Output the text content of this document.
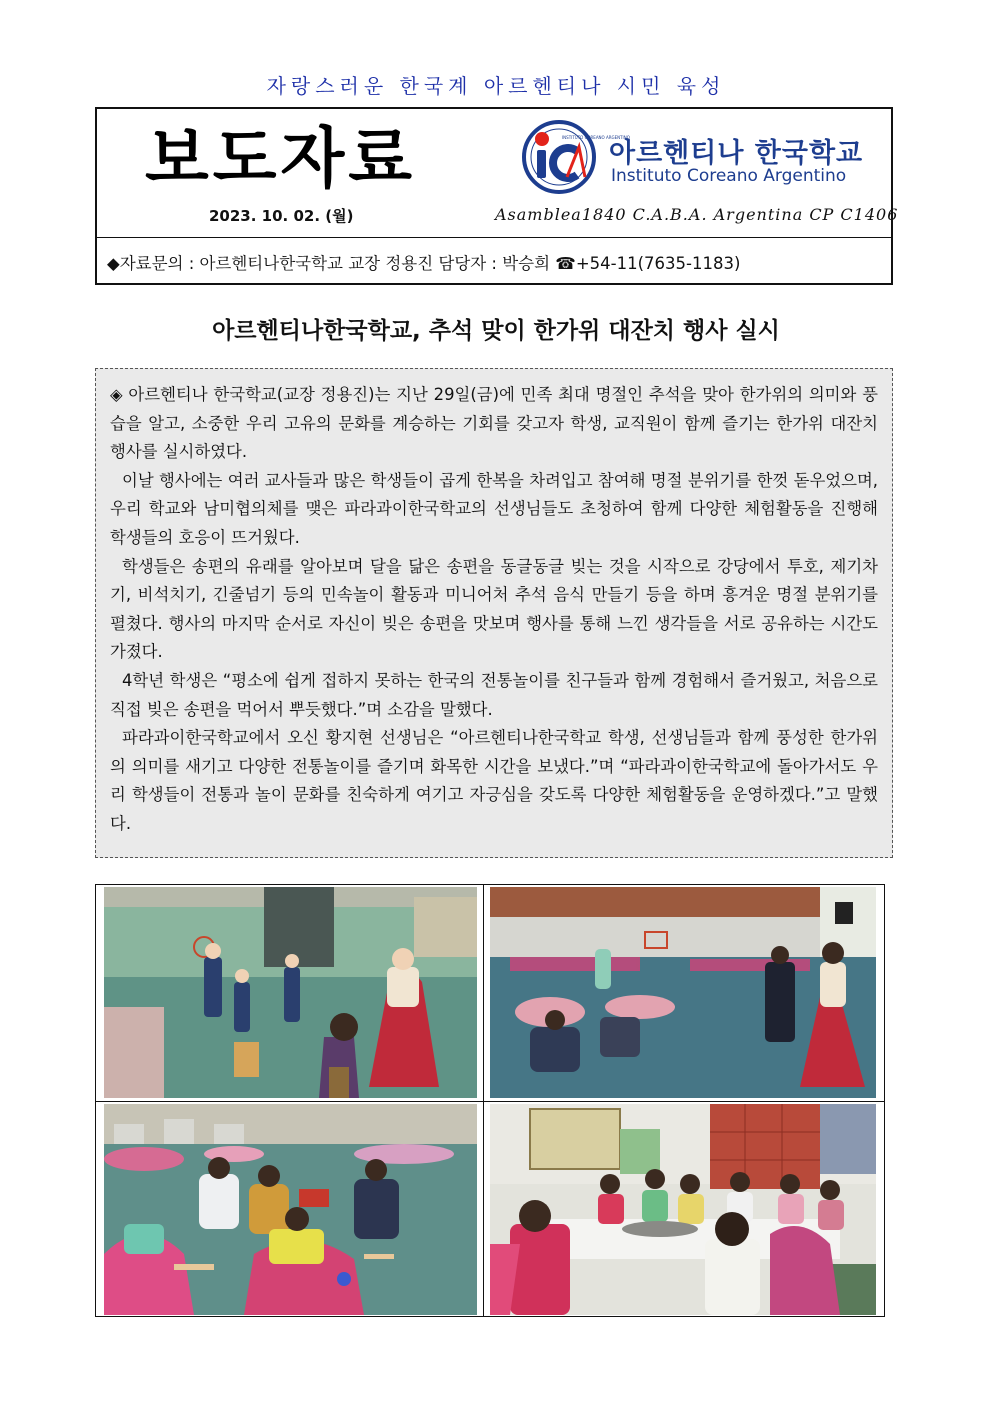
자랑스러운 한국계 아르헨티나 시민 육성
보도자료
2023. 10. 02. (월)
INSTITUTO COREANO ARGENTINO
아르헨티나 한국학교
Instituto Coreano Argentino
Asamblea1840 C.A.B.A. Argentina CP C1406
◆자료문의 : 아르헨티나한국학교 교장 정용진 담당자 : 박승희 ☎+54-11(7635-1183)
아르헨티나한국학교, 추석 맞이 한가위 대잔치 행사 실시

◈ 아르헨티나 한국학교(교장 정용진)는 지난 29일(금)에 민족 최대 명절인 추석을 맞아 한가위의 의미와 풍습을 알고, 소중한 우리 고유의 문화를 계승하는 기회를 갖고자 학생, 교직원이 함께 즐기는 한가위 대잔치 행사를 실시하였다.

이날 행사에는 여러 교사들과 많은 학생들이 곱게 한복을 차려입고 참여해 명절 분위기를 한껏 돋우었으며, 우리 학교와 남미협의체를 맺은 파라과이한국학교의 선생님들도 초청하여 함께 다양한 체험활동을 진행해 학생들의 호응이 뜨거웠다.

학생들은 송편의 유래를 알아보며 달을 닮은 송편을 동글동글 빚는 것을 시작으로 강당에서 투호, 제기차기, 비석치기, 긴줄넘기 등의 민속놀이 활동과 미니어처 추석 음식 만들기 등을 하며 흥겨운 명절 분위기를 펼쳤다. 행사의 마지막 순서로 자신이 빚은 송편을 맛보며 행사를 통해 느낀 생각들을 서로 공유하는 시간도 가졌다.

4학년 학생은 “평소에 쉽게 접하지 못하는 한국의 전통놀이를 친구들과 함께 경험해서 즐거웠고, 처음으로 직접 빚은 송편을 먹어서 뿌듯했다.”며 소감을 말했다.

파라과이한국학교에서 오신 황지현 선생님은 “아르헨티나한국학교 학생, 선생님들과 함께 풍성한 한가위의 의미를 새기고 다양한 전통놀이를 즐기며 화목한 시간을 보냈다.”며 “파라과이한국학교에 돌아가서도 우리 학생들이 전통과 놀이 문화를 친숙하게 여기고 자긍심을 갖도록 다양한 체험활동을 운영하겠다.”고 말했다.
